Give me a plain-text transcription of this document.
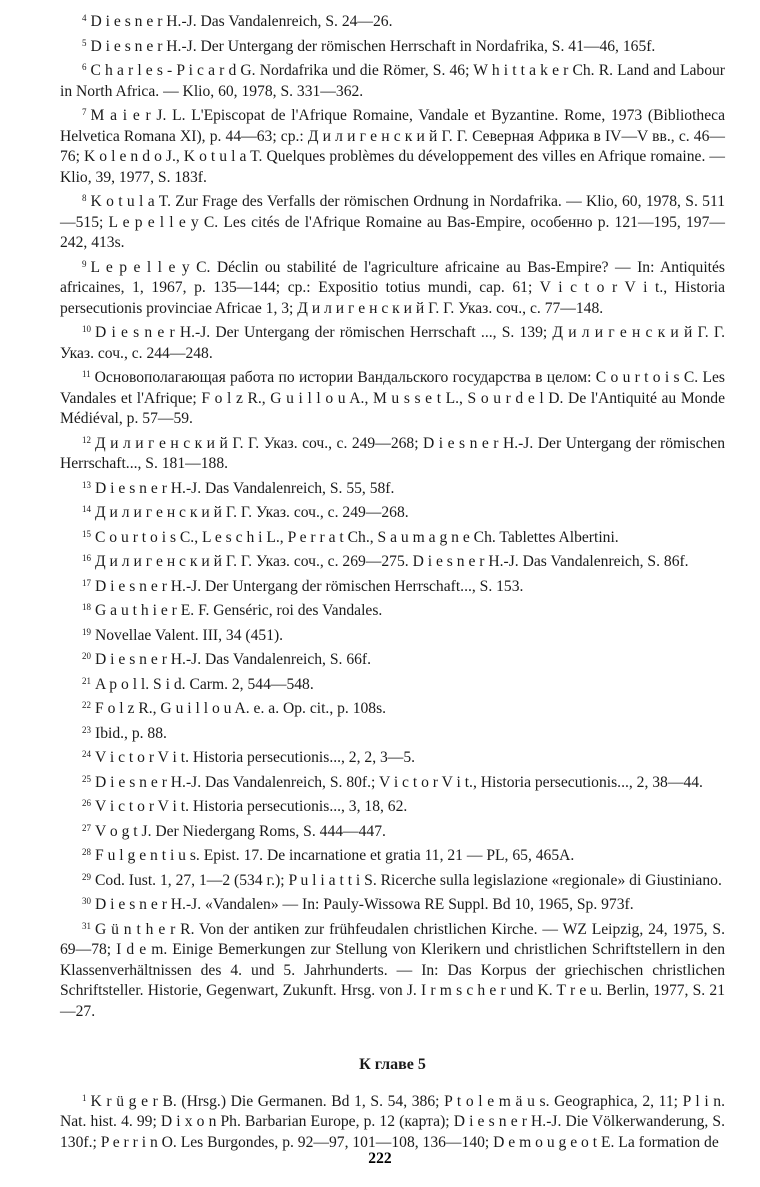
$^4$ D i e s n e r H.-J. Das Vandalenreich, S. 24—26.

$^5$ D i e s n e r H.-J. Der Untergang der römischen Herrschaft in Nordafrika, S. 41—46, 165f.

$^6$ C h a r l e s - P i c a r d G. Nordafrika und die Römer, S. 46; W h i t t a k e r Ch. R. Land and Labour in North Africa. — Klio, 60, 1978, S. 331—362.

$^7$ M a i e r J. L. L'Episcopat de l'Afrique Romaine, Vandale et Byzantine. Rome, 1973 (Bibliotheca Helvetica Romana XI), p. 44—63; ср.: Д и л и г е н с к и й Г. Г. Северная Африка в IV—V вв., с. 46—76; K o l e n d o J., K o t u l a T. Quelques problèmes du développement des villes en Afrique romaine. — Klio, 39, 1977, S. 183f.

$^8$ K o t u l a T. Zur Frage des Verfalls der römischen Ordnung in Nordafrika. — Klio, 60, 1978, S. 511—515; L e p e l l e y C. Les cités de l'Afrique Romaine au Bas-Empire, особенно p. 121—195, 197—242, 413s.

$^9$ L e p e l l e y C. Déclin ou stabilité de l'agriculture africaine au Bas-Empire? — In: Antiquités africaines, 1, 1967, p. 135—144; ср.: Expositio totius mundi, cap. 61; V i c t o r V i t., Historia persecutionis provinciae Africae 1, 3; Д и л и г е н с к и й Г. Г. Указ. соч., с. 77—148.

$^{10}$ D i e s n e r H.-J. Der Untergang der römischen Herrschaft ..., S. 139; Д и л и г е н с к и й Г. Г. Указ. соч., с. 244—248.

$^{11}$ Основополагающая работа по истории Вандальского государства в целом: C o u r t o i s C. Les Vandales et l'Afrique; F o l z R., G u i l l o u A., M u s s e t L., S o u r d e l D. De l'Antiquité au Monde Médiéval, p. 57—59.

$^{12}$ Д и л и г е н с к и й Г. Г. Указ. соч., с. 249—268; D i e s n e r H.-J. Der Untergang der römischen Herrschaft..., S. 181—188.

$^{13}$ D i e s n e r H.-J. Das Vandalenreich, S. 55, 58f.

$^{14}$ Д и л и г е н с к и й Г. Г. Указ. соч., с. 249—268.

$^{15}$ C o u r t o i s C., L e s c h i L., P e r r a t Ch., S a u m a g n e Ch. Tablettes Albertini.

$^{16}$ Д и л и г е н с к и й Г. Г. Указ. соч., с. 269—275. D i e s n e r H.-J. Das Vandalenreich, S. 86f.

$^{17}$ D i e s n e r H.-J. Der Untergang der römischen Herrschaft..., S. 153.

$^{18}$ G a u t h i e r E. F. Genséric, roi des Vandales.

$^{19}$ Novellae Valent. III, 34 (451).

$^{20}$ D i e s n e r H.-J. Das Vandalenreich, S. 66f.

$^{21}$ A p o l l. S i d. Carm. 2, 544—548.

$^{22}$ F o l z R., G u i l l o u A. e. a. Op. cit., p. 108s.

$^{23}$ Ibid., p. 88.

$^{24}$ V i c t o r V i t. Historia persecutionis..., 2, 2, 3—5.

$^{25}$ D i e s n e r H.-J. Das Vandalenreich, S. 80f.; V i c t o r V i t., Historia persecutionis..., 2, 38—44.

$^{26}$ V i c t o r V i t. Historia persecutionis..., 3, 18, 62.

$^{27}$ V o g t J. Der Niedergang Roms, S. 444—447.

$^{28}$ F u l g e n t i u s. Epist. 17. De incarnatione et gratia 11, 21 — PL, 65, 465A.

$^{29}$ Cod. Iust. 1, 27, 1—2 (534 г.); P u l i a t t i S. Ricerche sulla legislazione «regionale» di Giustiniano.

$^{30}$ D i e s n e r H.-J. «Vandalen» — In: Pauly-Wissowa RE Suppl. Bd 10, 1965, Sp. 973f.

$^{31}$ G ü n t h e r R. Von der antiken zur frühfeudalen christlichen Kirche. — WZ Leipzig, 24, 1975, S. 69—78; I d e m. Einige Bemerkungen zur Stellung von Klerikern und christlichen Schriftstellern in den Klassenverhältnissen des 4. und 5. Jahrhunderts. — In: Das Korpus der griechischen christlichen Schriftsteller. Historie, Gegenwart, Zukunft. Hrsg. von J. I r m s c h e r und K. T r e u. Berlin, 1977, S. 21—27.

К главе 5

$^1$ K r ü g e r B. (Hrsg.) Die Germanen. Bd 1, S. 54, 386; P t o l e m ä u s. Geographica, 2, 11; P l i n. Nat. hist. 4. 99; D i x o n Ph. Barbarian Europe, p. 12 (карта); D i e s n e r H.-J. Die Völkerwanderung, S. 130f.; P e r r i n O. Les Burgondes, p. 92—97, 101—108, 136—140; D e m o u g e o t E. La formation de

222
